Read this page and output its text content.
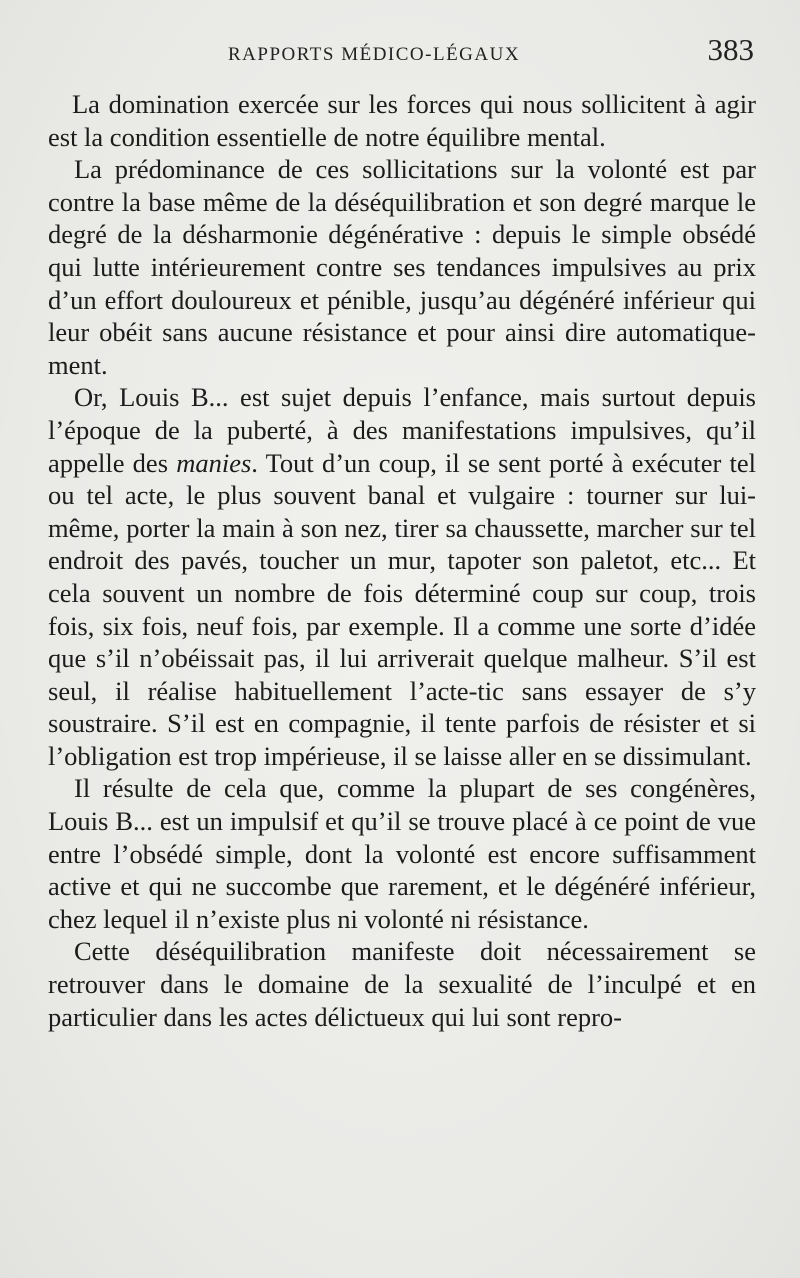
RAPPORTS MÉDICO-LÉGAUX	383

La domination exercée sur les forces qui nous sollicitent à agir est la condition essentielle de notre équilibre mental.

La prédominance de ces sollicitations sur la volonté est par contre la base même de la déséquilibration et son degré marque le degré de la désharmonie dégénérative : depuis le simple obsédé qui lutte intérieurement contre ses tendances impulsives au prix d’un effort douloureux et pénible, jusqu’au dégénéré inférieur qui leur obéit sans aucune résistance et pour ainsi dire automatiquement.

Or, Louis B... est sujet depuis l’enfance, mais surtout depuis l’époque de la puberté, à des manifestations impulsives, qu’il appelle des manies. Tout d’un coup, il se sent porté à exécuter tel ou tel acte, le plus souvent banal et vulgaire : tourner sur lui-même, porter la main à son nez, tirer sa chaussette, marcher sur tel endroit des pavés, toucher un mur, tapoter son paletot, etc... Et cela souvent un nombre de fois déterminé coup sur coup, trois fois, six fois, neuf fois, par exemple. Il a comme une sorte d’idée que s’il n’obéissait pas, il lui arriverait quelque malheur. S’il est seul, il réalise habituellement l’acte-tic sans essayer de s’y soustraire. S’il est en compagnie, il tente parfois de résister et si l’obligation est trop impérieuse, il se laisse aller en se dissimulant.

Il résulte de cela que, comme la plupart de ses congénères, Louis B... est un impulsif et qu’il se trouve placé à ce point de vue entre l’obsédé simple, dont la volonté est encore suffisamment active et qui ne succombe que rarement, et le dégénéré inférieur, chez lequel il n’existe plus ni volonté ni résistance.

Cette déséquilibration manifeste doit nécessairement se retrouver dans le domaine de la sexualité de l’inculpé et en particulier dans les actes délictueux qui lui sont repro-
